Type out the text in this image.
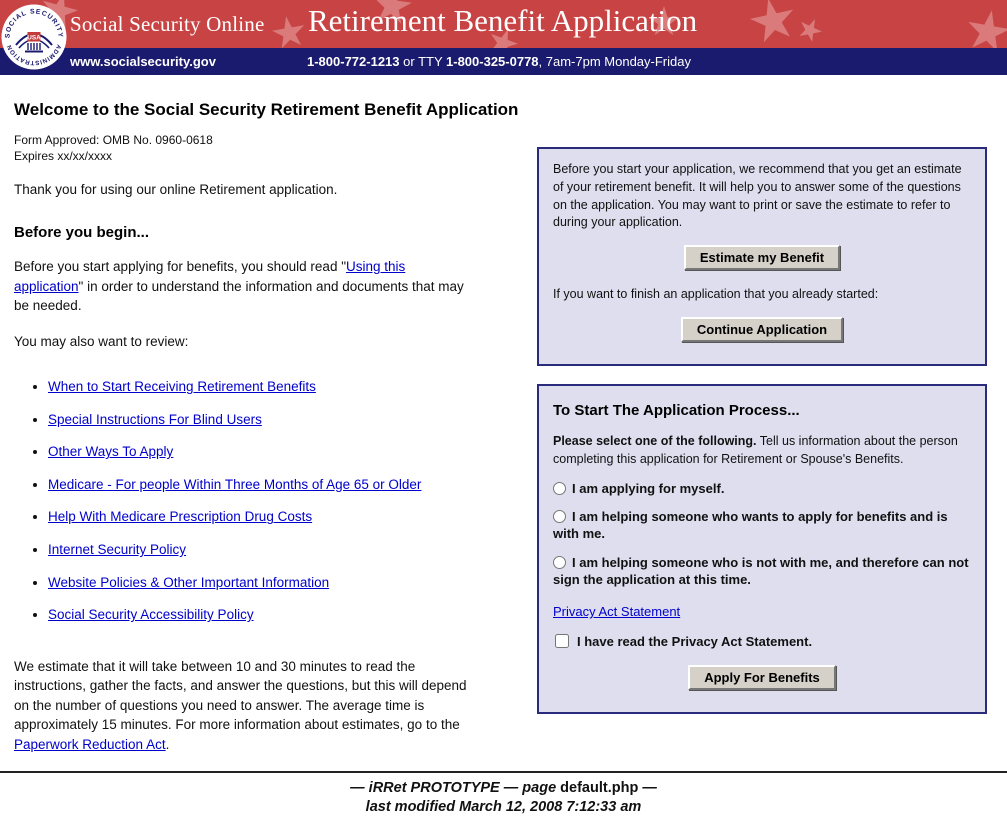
Social Security Online Retirement Benefit Application
www.socialsecurity.gov	1-800-772-1213 or TTY 1-800-325-0778, 7am-7pm Monday-Friday
SOCIAL SECURITY
ADMINISTRATION
USA
Welcome to the Social Security Retirement Benefit Application
Form Approved: OMB No. 0960-0618
Expires xx/xx/xxxx

Thank you for using our online Retirement application.

Before you begin...

Before you start applying for benefits, you should read "Using this application" in order to understand the information and documents that may be needed.

You may also want to review:

• When to Start Receiving Retirement Benefits
• Special Instructions For Blind Users
• Other Ways To Apply
• Medicare - For people Within Three Months of Age 65 or Older
• Help With Medicare Prescription Drug Costs
• Internet Security Policy
• Website Policies & Other Important Information
• Social Security Accessibility Policy

We estimate that it will take between 10 and 30 minutes to read the instructions, gather the facts, and answer the questions, but this will depend on the number of questions you need to answer. The average time is approximately 15 minutes. For more information about estimates, go to the Paperwork Reduction Act.

Before you start your application, we recommend that you get an estimate of your retirement benefit. It will help you to answer some of the questions on the application. You may want to print or save the estimate to refer to during your application.
Estimate my Benefit
If you want to finish an application that you already started:
Continue Application
To Start The Application Process...

Please select one of the following. Tell us information about the person completing this application for Retirement or Spouse's Benefits.

I am applying for myself.
I am helping someone who wants to apply for benefits and is with me.
I am helping someone who is not with me, and therefore can not sign the application at this time.
Privacy Act Statement
I have read the Privacy Act Statement.
Apply For Benefits
— iRRet PROTOTYPE — page default.php —
last modified March 12, 2008 7:12:33 am
